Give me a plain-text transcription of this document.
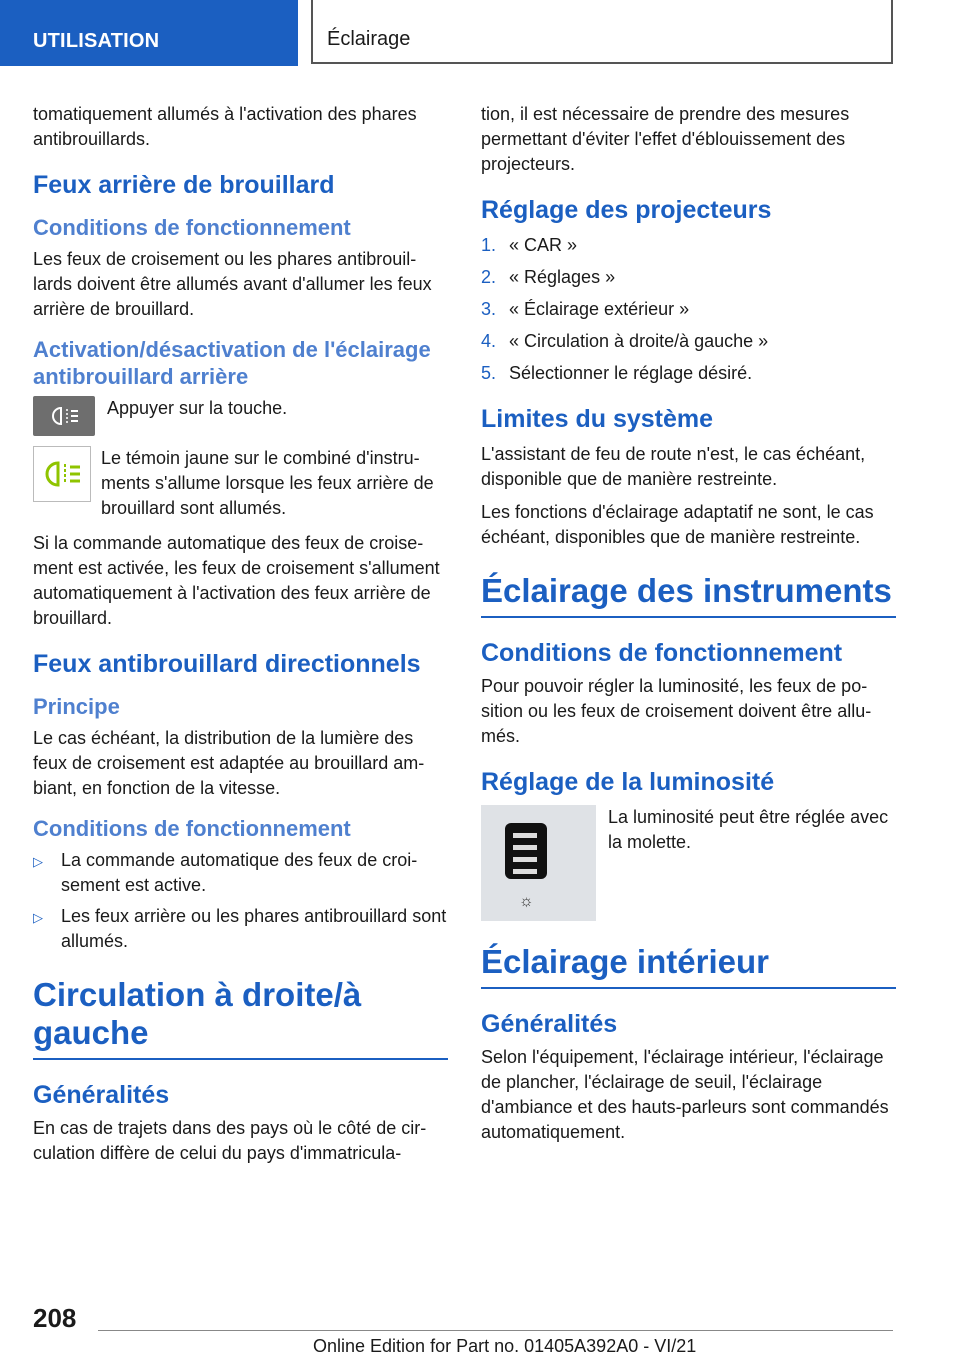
UTILISATION	Éclairage

tomatiquement allumés à l'activation des phares antibrouillards.

Feux arrière de brouillard
Conditions de fonctionnement

Les feux de croisement ou les phares antibrouillards doivent être allumés avant d'allumer les feux arrière de brouillard.

Activation/désactivation de l'éclairage antibrouillard arrière

Appuyer sur la touche.

Le témoin jaune sur le combiné d'instruments s'allume lorsque les feux arrière de brouillard sont allumés.

Si la commande automatique des feux de croisement est activée, les feux de croisement s'allument automatiquement à l'activation des feux arrière de brouillard.

Feux antibrouillard directionnels
Principe

Le cas échéant, la distribution de la lumière des feux de croisement est adaptée au brouillard ambiant, en fonction de la vitesse.

Conditions de fonctionnement
▷	La commande automatique des feux de croisement est active.
▷	Les feux arrière ou les phares antibrouillard sont allumés.
Circulation à droite/à gauche
Généralités

En cas de trajets dans des pays où le côté de circulation diffère de celui du pays d'immatricula-

tion, il est nécessaire de prendre des mesures permettant d'éviter l'effet d'éblouissement des projecteurs.

Réglage des projecteurs
1. « CAR »
2. « Réglages »
3. « Éclairage extérieur »
4. « Circulation à droite/à gauche »
5. Sélectionner le réglage désiré.
Limites du système

L'assistant de feu de route n'est, le cas échéant, disponible que de manière restreinte.

Les fonctions d'éclairage adaptatif ne sont, le cas échéant, disponibles que de manière restreinte.

Éclairage des instruments
Conditions de fonctionnement

Pour pouvoir régler la luminosité, les feux de position ou les feux de croisement doivent être allumés.

Réglage de la luminosité
☼

La luminosité peut être réglée avec la molette.

Éclairage intérieur
Généralités

Selon l'équipement, l'éclairage intérieur, l'éclairage de plancher, l'éclairage de seuil, l'éclairage d'ambiance et des hauts-parleurs sont commandés automatiquement.

208
Online Edition for Part no. 01405A392A0 - VI/21
